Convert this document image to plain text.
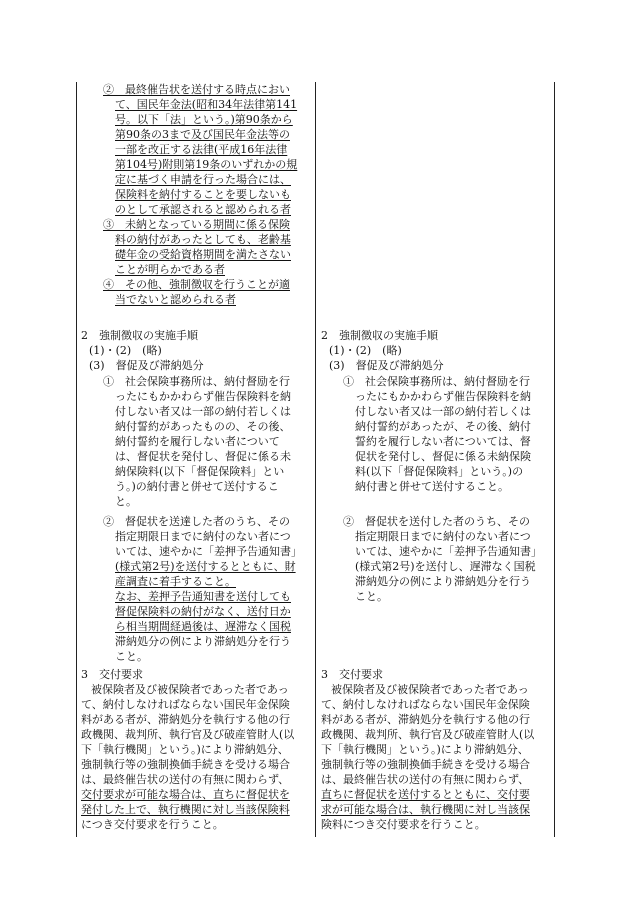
②　最終催告状を送付する時点におい

て、国民年金法(昭和34年法律第141

号。以下「法」という。)第90条から

第90条の3まで及び国民年金法等の

一部を改正する法律(平成16年法律

第104号)附則第19条のいずれかの規

定に基づく申請を行った場合には、

保険料を納付することを要しないも

のとして承認されると認められる者

③　未納となっている期間に係る保険

料の納付があったとしても、老齢基

礎年金の受給資格期間を満たさない

ことが明らかである者

④　その他、強制徴収を行うことが適

当でないと認められる者

2　強制徴収の実施手順

(1)・(2)　(略)

(3)　督促及び滞納処分

①　社会保険事務所は、納付督励を行

ったにもかかわらず催告保険料を納

付しない者又は一部の納付若しくは

納付誓約があったものの、その後、

納付誓約を履行しない者について

は、督促状を発付し、督促に係る未

納保険料(以下「督促保険料」とい

う。)の納付書と併せて送付するこ

と。

②　督促状を送達した者のうち、その

指定期限日までに納付のない者につ

いては、速やかに「差押予告通知書」

(様式第2号)を送付するとともに、財

産調査に着手すること。

なお、差押予告通知書を送付しても

督促保険料の納付がなく、送付日か

ら相当期間経過後は、遅滞なく国税

滞納処分の例により滞納処分を行う

こと。

3　交付要求

被保険者及び被保険者であった者であっ

て、納付しなければならない国民年金保険

料がある者が、滞納処分を執行する他の行

政機関、裁判所、執行官及び破産管財人(以

下「執行機関」という。)により滞納処分、

強制執行等の強制換価手続きを受ける場合

は、最終催告状の送付の有無に関わらず、

交付要求が可能な場合は、直ちに督促状を

発付した上で、執行機関に対し当該保険料

につき交付要求を行うこと。

2　強制徴収の実施手順

(1)・(2)　(略)

(3)　督促及び滞納処分

①　社会保険事務所は、納付督励を行

ったにもかかわらず催告保険料を納

付しない者又は一部の納付若しくは

納付誓約があったが、その後、納付

誓約を履行しない者については、督

促状を発付し、督促に係る未納保険

料(以下「督促保険料」という。)の

納付書と併せて送付すること。

②　督促状を送付した者のうち、その

指定期限日までに納付のない者につ

いては、速やかに「差押予告通知書」

(様式第2号)を送付し、遅滞なく国税

滞納処分の例により滞納処分を行う

こと。

3　交付要求

被保険者及び被保険者であった者であっ

て、納付しなければならない国民年金保険

料がある者が、滞納処分を執行する他の行

政機関、裁判所、執行官及び破産管財人(以

下「執行機関」という。)により滞納処分、

強制執行等の強制換価手続きを受ける場合

は、最終催告状の送付の有無に関わらず、

直ちに督促状を送付するとともに、交付要

求が可能な場合は、執行機関に対し当該保

険料につき交付要求を行うこと。
